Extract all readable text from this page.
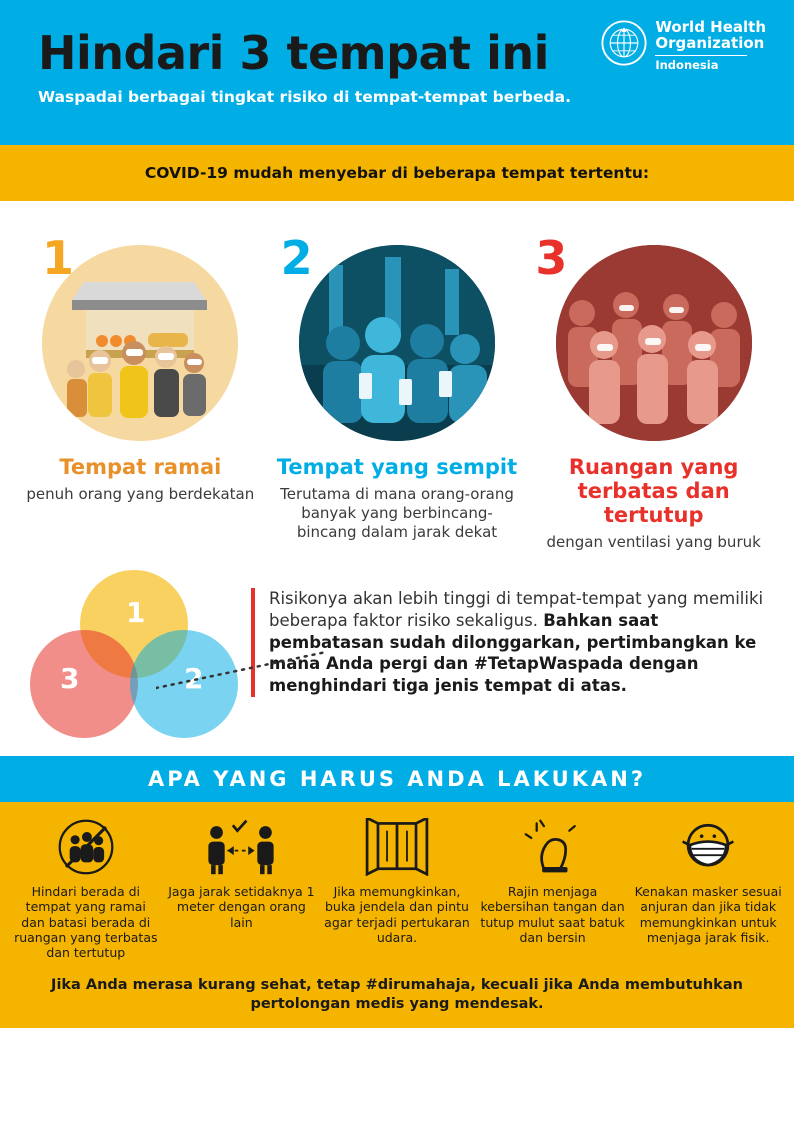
Hindari 3 tempat ini
Waspadai berbagai tingkat risiko di tempat-tempat berbeda.
World Health
Organization
Indonesia
COVID-19 mudah menyebar di beberapa tempat tertentu:
1
Tempat ramai
penuh orang yang berdekatan
2
Tempat yang sempit
Terutama di mana orang-orang banyak yang berbincang-bincang dalam jarak dekat
3
Ruangan yang terbatas dan tertutup
dengan ventilasi yang buruk
1
2
3
Risikonya akan lebih tinggi di tempat-tempat yang memiliki beberapa faktor risiko sekaligus. Bahkan saat pembatasan sudah dilonggarkan, pertimbangkan ke mana Anda pergi dan #TetapWaspada dengan menghindari tiga jenis tempat di atas.
APA YANG HARUS ANDA LAKUKAN?
Hindari berada di tempat yang ramai dan batasi berada di ruangan yang terbatas dan tertutup
Jaga jarak setidaknya 1 meter dengan orang lain
Jika memungkinkan, buka jendela dan pintu agar terjadi pertukaran udara.
Rajin menjaga kebersihan tangan dan tutup mulut saat batuk dan bersin
Kenakan masker sesuai anjuran dan jika tidak memungkinkan untuk menjaga jarak fisik.
Jika Anda merasa kurang sehat, tetap #dirumahaja, kecuali jika Anda membutuhkan pertolongan medis yang mendesak.
